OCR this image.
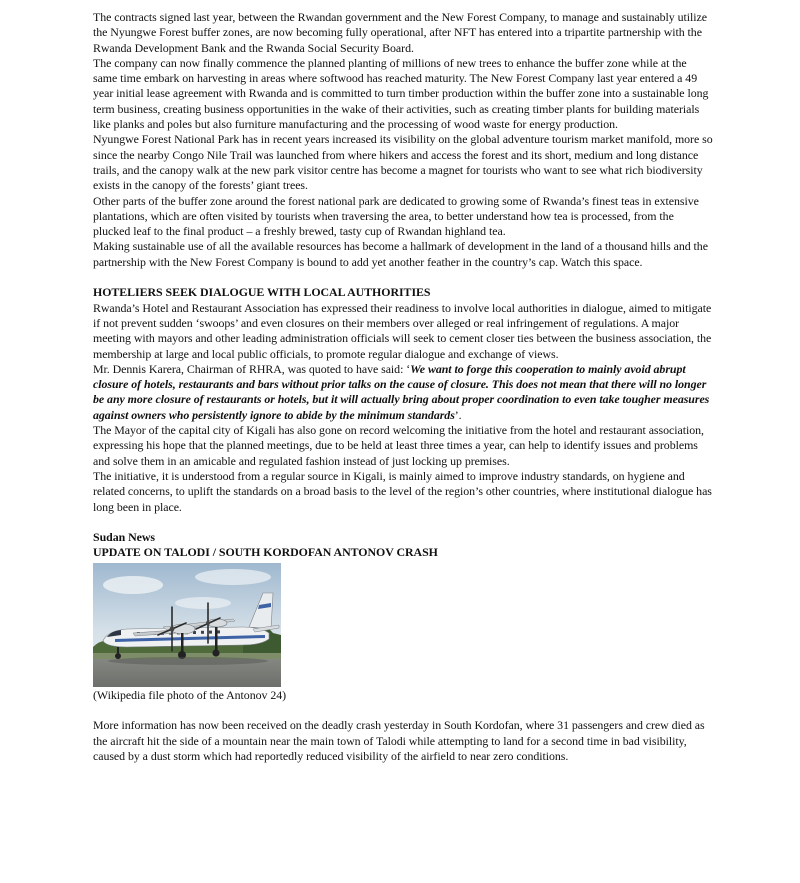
The contracts signed last year, between the Rwandan government and the New Forest Company, to manage and sustainably utilize the Nyungwe Forest buffer zones, are now becoming fully operational, after NFT has entered into a tripartite partnership with the Rwanda Development Bank and the Rwanda Social Security Board.

The company can now finally commence the planned planting of millions of new trees to enhance the buffer zone while at the same time embark on harvesting in areas where softwood has reached maturity. The New Forest Company last year entered a 49 year initial lease agreement with Rwanda and is committed to turn timber production within the buffer zone into a sustainable long term business, creating business opportunities in the wake of their activities, such as creating timber plants for building materials like planks and poles but also furniture manufacturing and the processing of wood waste for energy production.

Nyungwe Forest National Park has in recent years increased its visibility on the global adventure tourism market manifold, more so since the nearby Congo Nile Trail was launched from where hikers and access the forest and its short, medium and long distance trails, and the canopy walk at the new park visitor centre has become a magnet for tourists who want to see what rich biodiversity exists in the canopy of the forests’ giant trees.

Other parts of the buffer zone around the forest national park are dedicated to growing some of Rwanda’s finest teas in extensive plantations, which are often visited by tourists when traversing the area, to better understand how tea is processed, from the plucked leaf to the final product – a freshly brewed, tasty cup of Rwandan highland tea.

Making sustainable use of all the available resources has become a hallmark of development in the land of a thousand hills and the partnership with the New Forest Company is bound to add yet another feather in the country’s cap. Watch this space.

HOTELIERS SEEK DIALOGUE WITH LOCAL AUTHORITIES

Rwanda’s Hotel and Restaurant Association has expressed their readiness to involve local authorities in dialogue, aimed to mitigate if not prevent sudden ‘swoops’ and even closures on their members over alleged or real infringement of regulations. A major meeting with mayors and other leading administration officials will seek to cement closer ties between the business association, the membership at large and local public officials, to promote regular dialogue and exchange of views.

Mr. Dennis Karera, Chairman of RHRA, was quoted to have said: ‘We want to forge this cooperation to mainly avoid abrupt closure of hotels, restaurants and bars without prior talks on the cause of closure. This does not mean that there will no longer be any more closure of restaurants or hotels, but it will actually bring about proper coordination to even take tougher measures against owners who persistently ignore to abide by the minimum standards’.

The Mayor of the capital city of Kigali has also gone on record welcoming the initiative from the hotel and restaurant association, expressing his hope that the planned meetings, due to be held at least three times a year, can help to identify issues and problems and solve them in an amicable and regulated fashion instead of just locking up premises.

The initiative, it is understood from a regular source in Kigali, is mainly aimed to improve industry standards, on hygiene and related concerns, to uplift the standards on a broad basis to the level of the region’s other countries, where institutional dialogue has long been in place.

Sudan News

UPDATE ON TALODI / SOUTH KORDOFAN ANTONOV CRASH

(Wikipedia file photo of the Antonov 24)

More information has now been received on the deadly crash yesterday in South Kordofan, where 31 passengers and crew died as the aircraft hit the side of a mountain near the main town of Talodi while attempting to land for a second time in bad visibility, caused by a dust storm which had reportedly reduced visibility of the airfield to near zero conditions.
